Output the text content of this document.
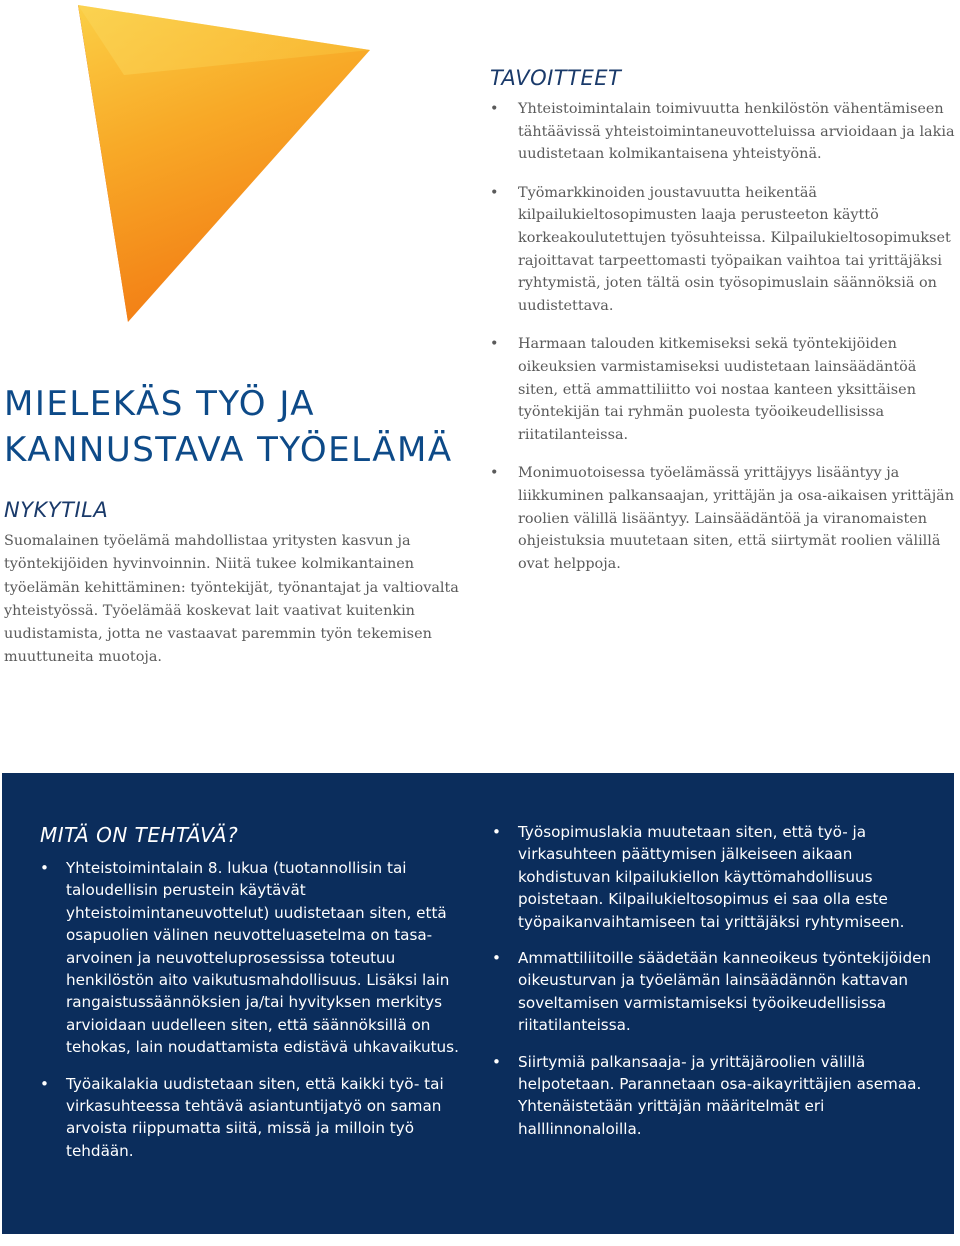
TAVOITTEET
• Yhteistoimintalain toimivuutta henkilöstön vähentämiseen tähtäävissä yhteistoimintaneuvotteluissa arvioidaan ja lakia uudistetaan kolmikantaisena yhteistyönä.
• Työmarkkinoiden joustavuutta heikentää kilpailukieltosopimusten laaja perusteeton käyttö korkeakoulutettujen työsuhteissa. Kilpailukieltosopimukset rajoittavat tarpeettomasti työpaikan vaihtoa tai yrittäjäksi ryhtymistä, joten tältä osin työsopimuslain säännöksiä on uudistettava.
• Harmaan talouden kitkemiseksi sekä työntekijöiden oikeuksien varmistamiseksi uudistetaan lainsäädäntöä siten, että ammattiliitto voi nostaa kanteen yksittäisen työntekijän tai ryhmän puolesta työoikeudellisissa riitatilanteissa.
• Monimuotoisessa työelämässä yrittäjyys lisääntyy ja liikkuminen palkansaajan, yrittäjän ja osa-aikaisen yrittäjän roolien välillä lisääntyy. Lainsäädäntöä ja viranomaisten ohjeistuksia muutetaan siten, että siirtymät roolien välillä ovat helppoja.
MIELEKÄS TYÖ JA
KANNUSTAVA TYÖELÄMÄ
NYKYTILA

Suomalainen työelämä mahdollistaa yritysten kasvun ja työntekijöiden hyvinvoinnin. Niitä tukee kolmikantainen työelämän kehittäminen: työntekijät, työnantajat ja valtiovalta yhteistyössä. Työelämää koskevat lait vaativat kuitenkin uudistamista, jotta ne vastaavat paremmin työn tekemisen muuttuneita muotoja.

MITÄ ON TEHTÄVÄ?
• Yhteistoimintalain 8. lukua (tuotannollisin tai taloudellisin perustein käytävät yhteistoimintaneuvottelut) uudistetaan siten, että osapuolien välinen neuvotteluasetelma on tasa-arvoinen ja neuvotteluprosessissa toteutuu henkilöstön aito vaikutusmahdollisuus. Lisäksi lain rangaistussäännöksien ja/tai hyvityksen merkitys arvioidaan uudelleen siten, että säännöksillä on tehokas, lain noudattamista edistävä uhkavaikutus.
• Työaikalakia uudistetaan siten, että kaikki työ- tai virkasuhteessa tehtävä asiantuntijatyö on saman arvoista riippumatta siitä, missä ja milloin työ tehdään.
• Työsopimuslakia muutetaan siten, että työ- ja virkasuhteen päättymisen jälkeiseen aikaan kohdistuvan kilpailukiellon käyttömahdollisuus poistetaan. Kilpailukieltosopimus ei saa olla este työpaikanvaihtamiseen tai yrittäjäksi ryhtymiseen.
• Ammattiliitoille säädetään kanneoikeus työntekijöiden oikeusturvan ja työelämän lainsäädännön kattavan soveltamisen varmistamiseksi työoikeudellisissa riitatilanteissa.
• Siirtymiä palkansaaja- ja yrittäjäroolien välillä helpotetaan. Parannetaan osa-aikayrittäjien asemaa. Yhtenäistetään yrittäjän määritelmät eri halllinnonaloilla.
